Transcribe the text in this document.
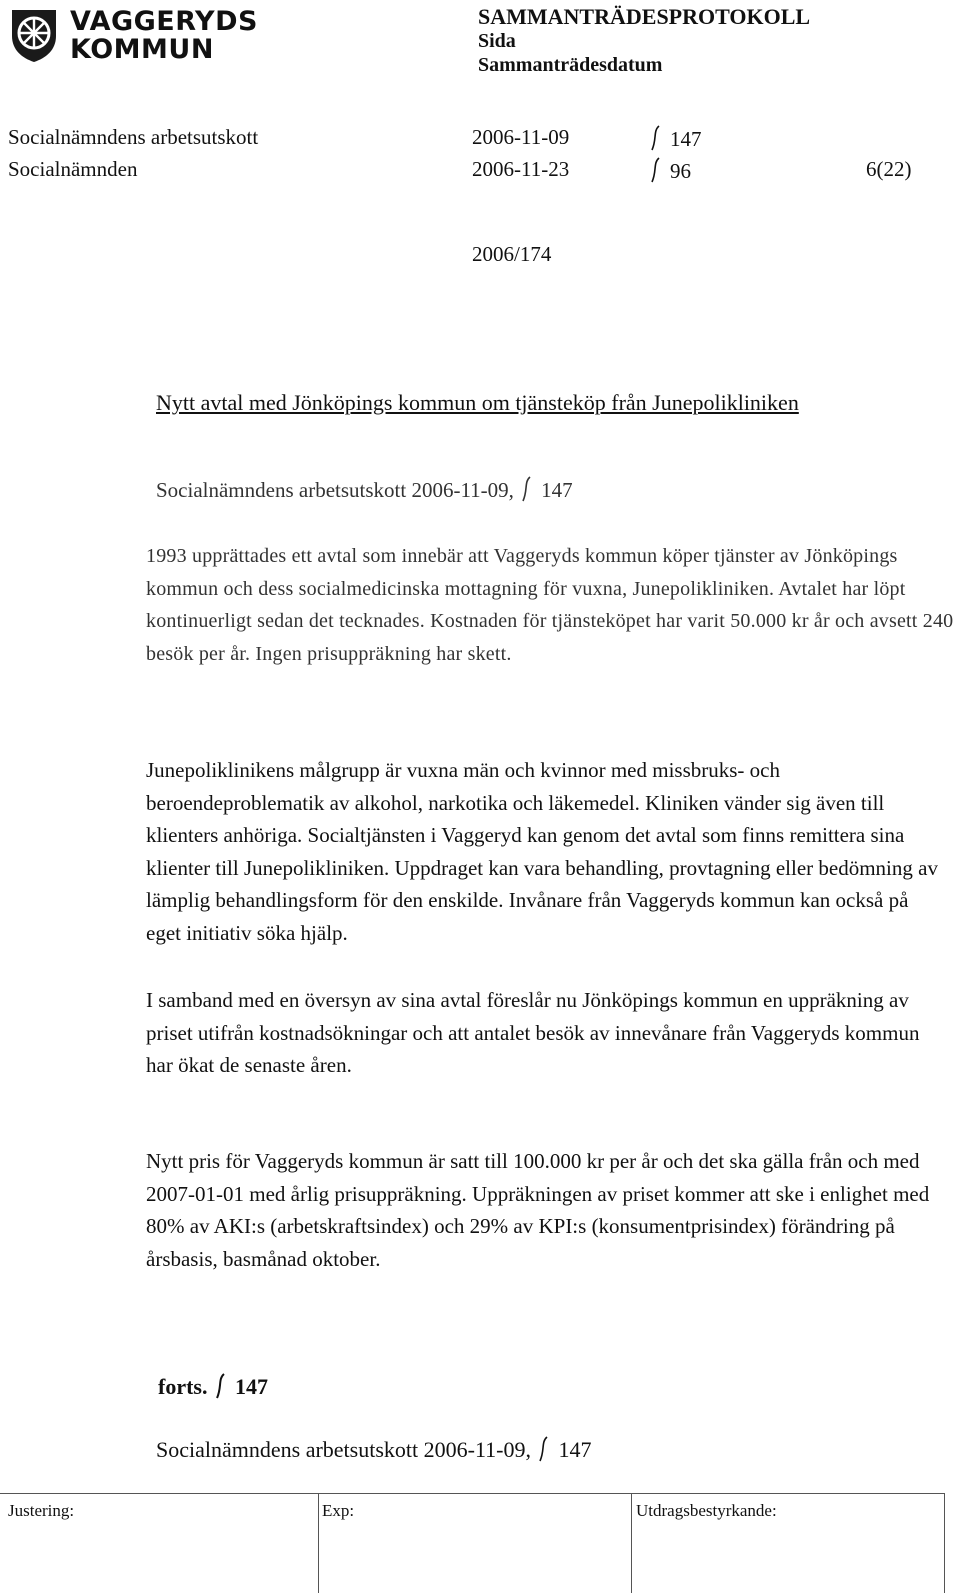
VAGGERYDS
KOMMUN
SAMMANTRÄDESPROTOKOLL
Sida
Sammanträdesdatum
Socialnämndens arbetsutskott	2006-11-09	147
Socialnämnden	2006-11-23	96	6(22)
2006/174
Nytt avtal med Jönköpings kommun om tjänsteköp från Junepolikliniken
Socialnämndens arbetsutskott 2006-11-09, 147
1993 upprättades ett avtal som innebär att Vaggeryds kommun köper tjänster av Jönköpings kommun och dess socialmedicinska mottagning för vuxna, Junepolikliniken. Avtalet har löpt kontinuerligt sedan det tecknades. Kostnaden för tjänsteköpet har varit 50.000 kr år och avsett 240 besök per år. Ingen prisuppräkning har skett.
Junepoliklinikens målgrupp är vuxna män och kvinnor med missbruks- och beroendeproblematik av alkohol, narkotika och läkemedel. Kliniken vänder sig även till klienters anhöriga. Socialtjänsten i Vaggeryd kan genom det avtal som finns remittera sina klienter till Junepolikliniken. Uppdraget kan vara behandling, provtagning eller bedömning av lämplig behandlingsform för den enskilde. Invånare från Vaggeryds kommun kan också på eget initiativ söka hjälp.
I samband med en översyn av sina avtal föreslår nu Jönköpings kommun en uppräkning av priset utifrån kostnadsökningar och att antalet besök av innevånare från Vaggeryds kommun har ökat de senaste åren.
Nytt pris för Vaggeryds kommun är satt till 100.000 kr per år och det ska gälla från och med 2007-01-01 med årlig prisuppräkning. Uppräkningen av priset kommer att ske i enlighet med 80% av AKI:s (arbetskraftsindex) och 29% av KPI:s (konsumentprisindex) förändring på årsbasis, basmånad oktober.
forts. 147
Socialnämndens arbetsutskott 2006-11-09, 147
Justering:	Exp:	Utdragsbestyrkande:
